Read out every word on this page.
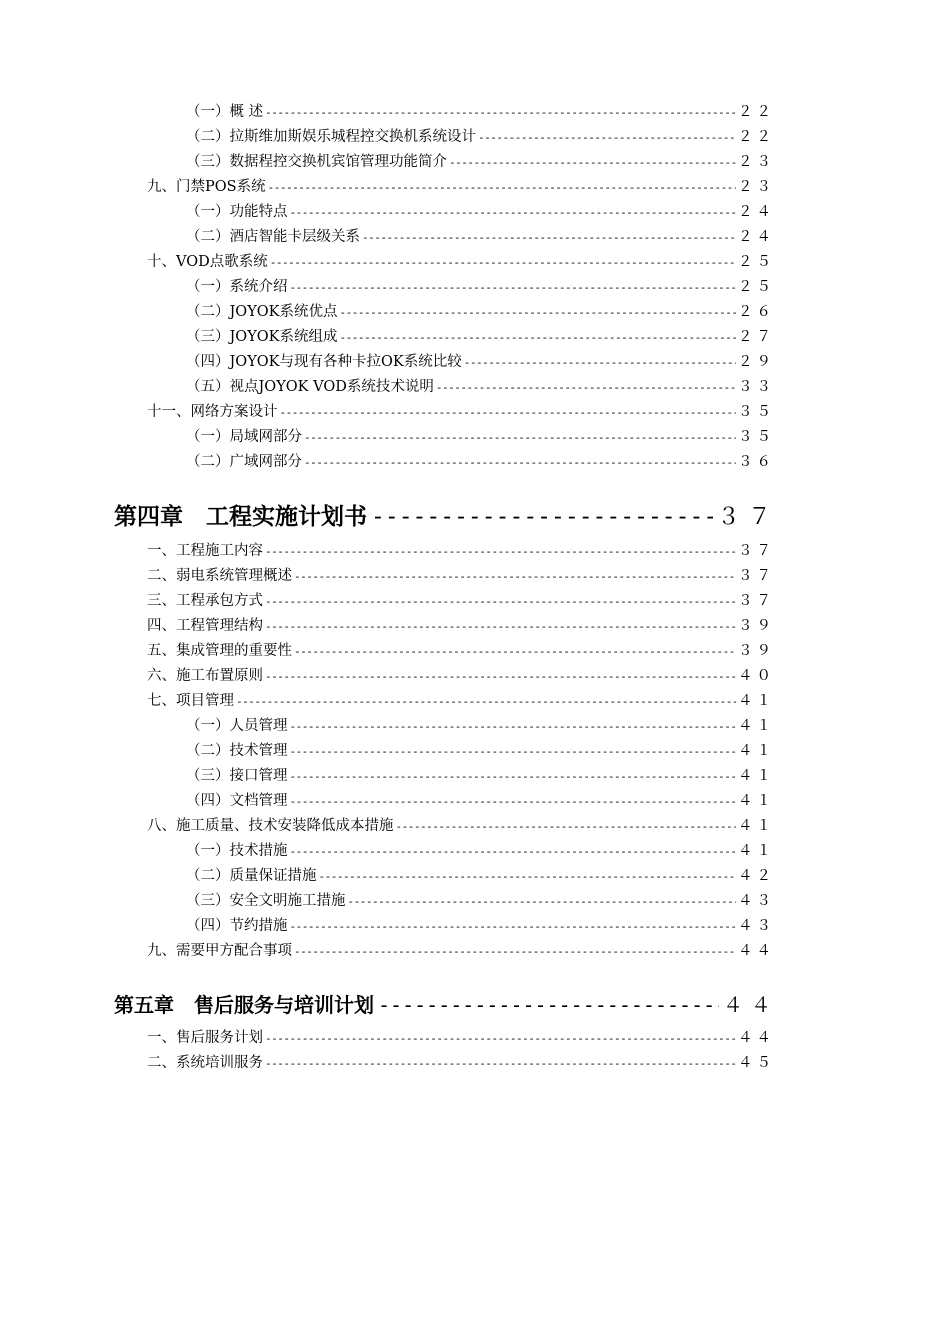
（一）概 述 -----	２２
（二）拉斯维加斯娱乐城程控交换机系统设计 -----	２２
（三）数据程控交换机宾馆管理功能简介 -----	２３
九、门禁POS系统 -----	２３
（一）功能特点 -----	２４
（二）酒店智能卡层级关系 -----	２４
十、VOD点歌系统 -----	２５
（一）系统介绍 -----	２５
（二）JOYOK系统优点 -----	２６
（三）JOYOK系统组成 -----	２７
（四）JOYOK与现有各种卡拉OK系统比较 -----	２９
（五）视点JOYOK VOD系统技术说明 -----	３３
十一、网络方案设计 -----	３５
（一）局域网部分 -----	３５
（二）广域网部分 -----	３６
第四章　工程实施计划书 -----	３７
一、工程施工内容 -----	３７
二、弱电系统管理概述 -----	３７
三、工程承包方式 -----	３７
四、工程管理结构 -----	３９
五、集成管理的重要性 -----	３９
六、施工布置原则 -----	４０
七、项目管理 -----	４１
（一）人员管理 -----	４１
（二）技术管理 -----	４１
（三）接口管理 -----	４１
（四）文档管理 -----	４１
八、施工质量、技术安装降低成本措施 -----	４１
（一）技术措施 -----	４１
（二）质量保证措施 -----	４２
（三）安全文明施工措施 -----	４３
（四）节约措施 -----	４３
九、需要甲方配合事项 -----	４４
第五章　售后服务与培训计划 -----	４４
一、售后服务计划 -----	４４
二、系统培训服务 -----	４５
